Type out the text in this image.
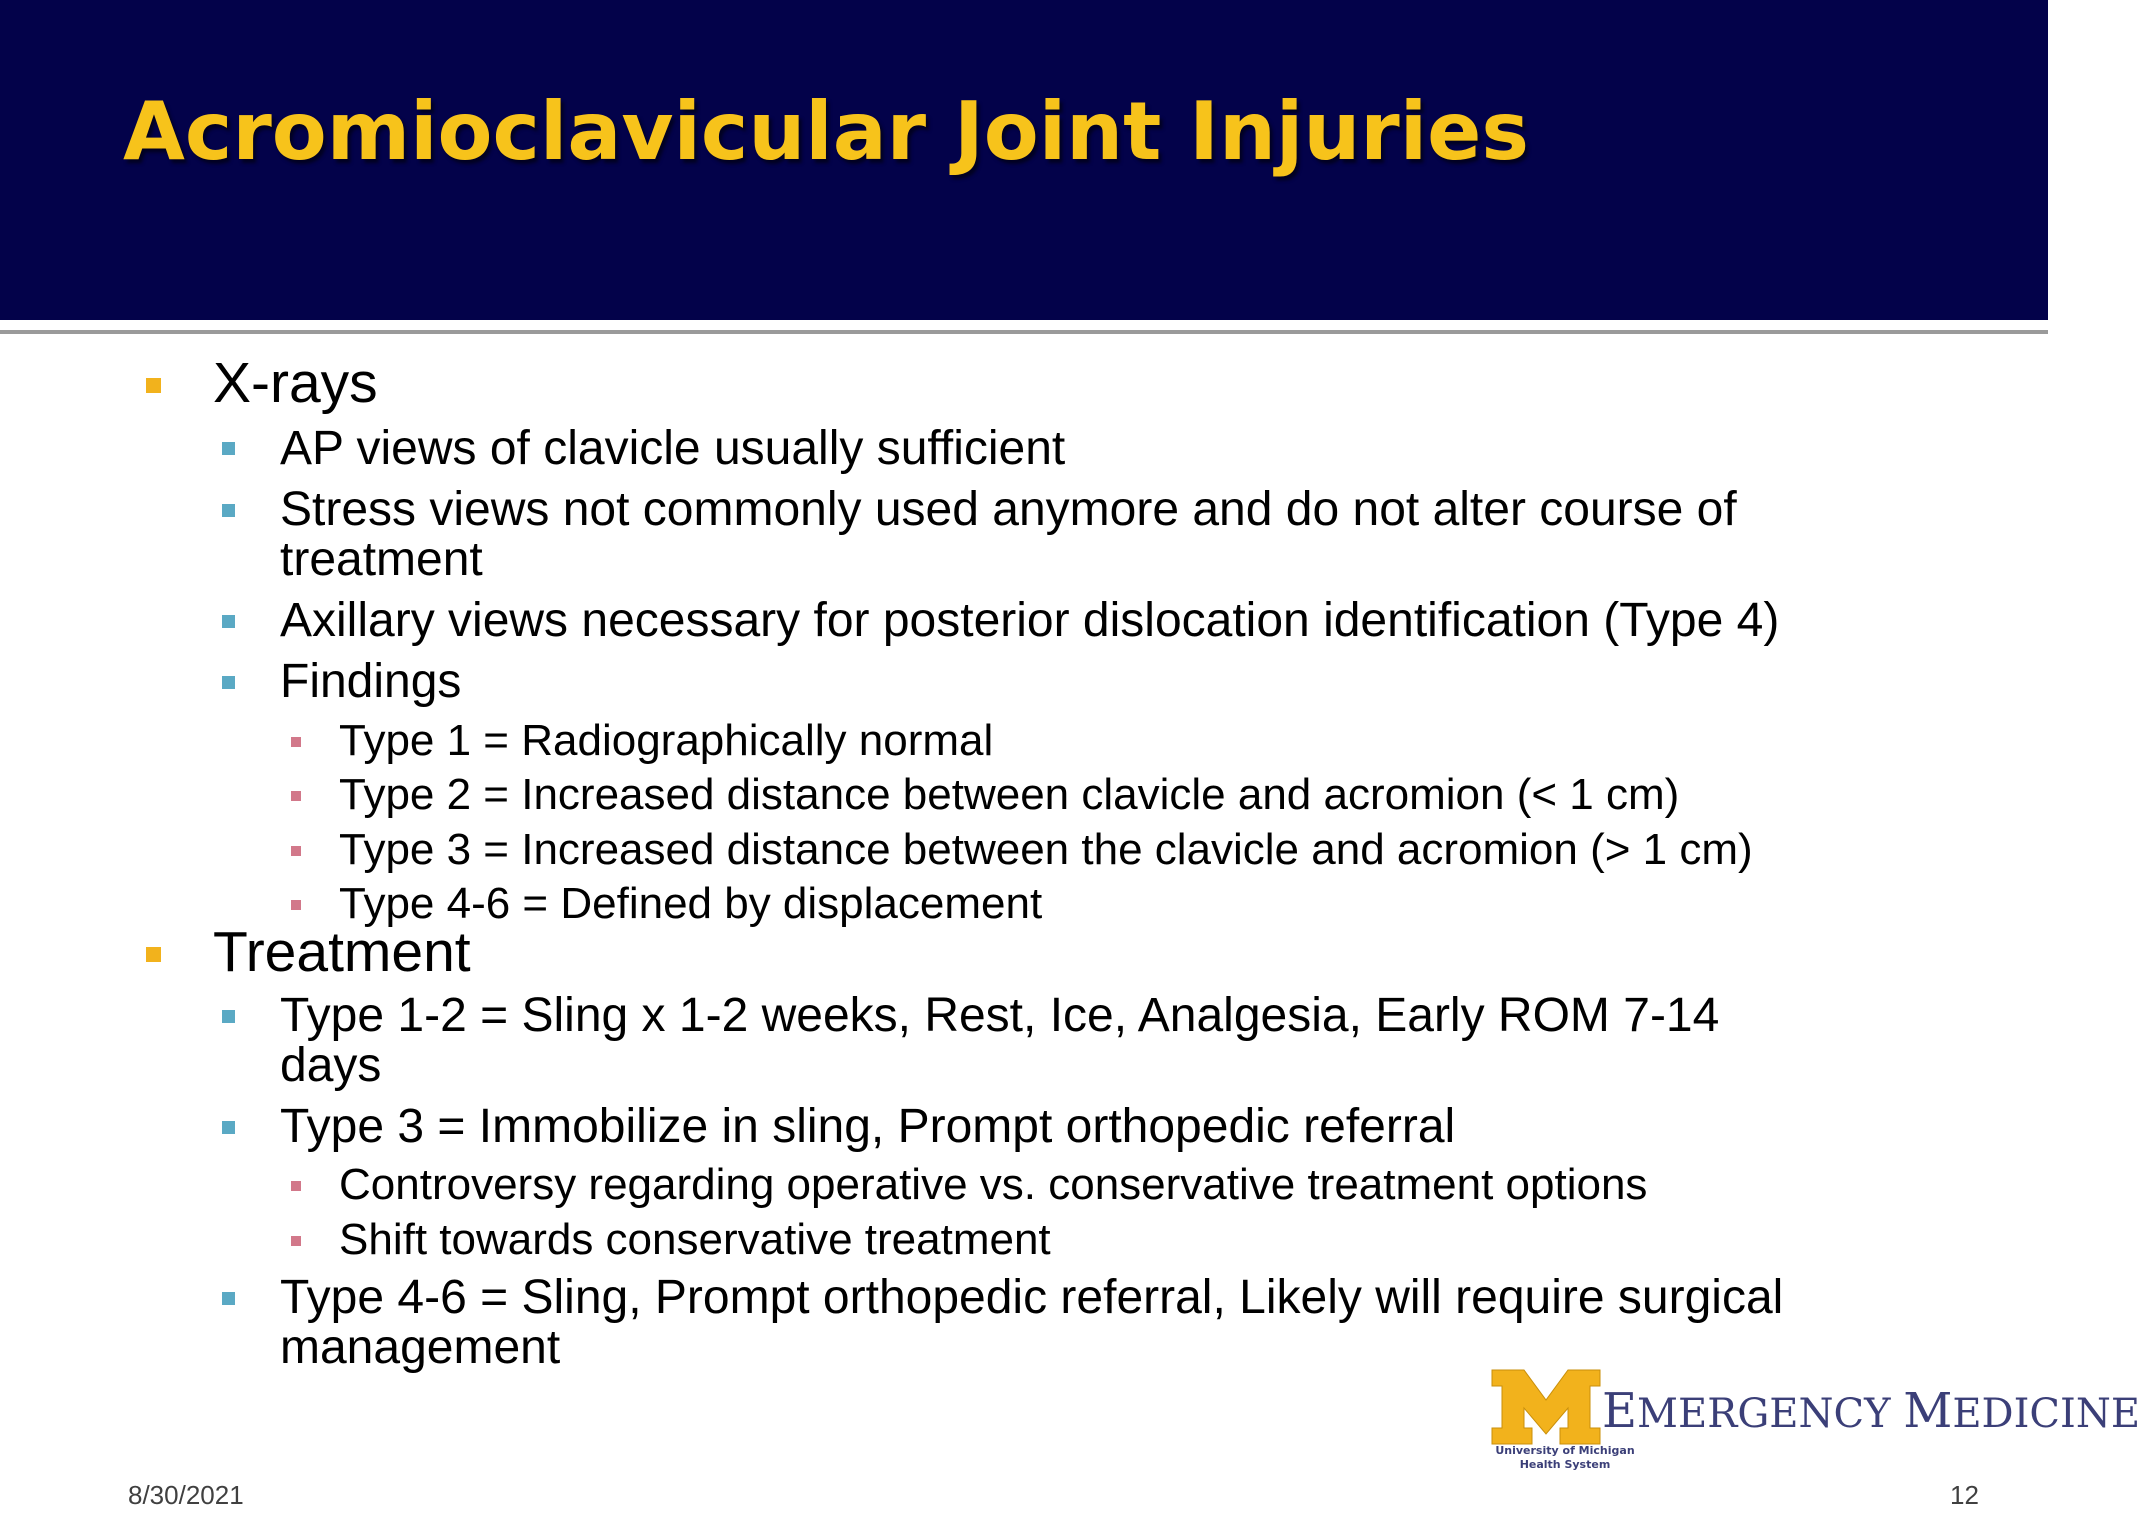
Acromioclavicular Joint Injuries
X-rays
AP views of clavicle usually sufficient
Stress views not commonly used anymore and do not alter course of
treatment
Axillary views necessary for posterior dislocation identification (Type 4)
Findings
Type 1 = Radiographically normal
Type 2 = Increased distance between clavicle and acromion (< 1 cm)
Type 3 = Increased distance between the clavicle and acromion (> 1 cm)
Type 4-6 = Defined by displacement
Treatment
Type 1-2 = Sling x 1-2 weeks, Rest, Ice, Analgesia, Early ROM 7-14
days
Type 3 = Immobilize in sling, Prompt orthopedic referral
Controversy regarding operative vs. conservative treatment options
Shift towards conservative treatment
Type 4-6 = Sling, Prompt orthopedic referral, Likely will require surgical
management
EMERGENCY MEDICINE
University of Michigan
Health System
8/30/2021	12
